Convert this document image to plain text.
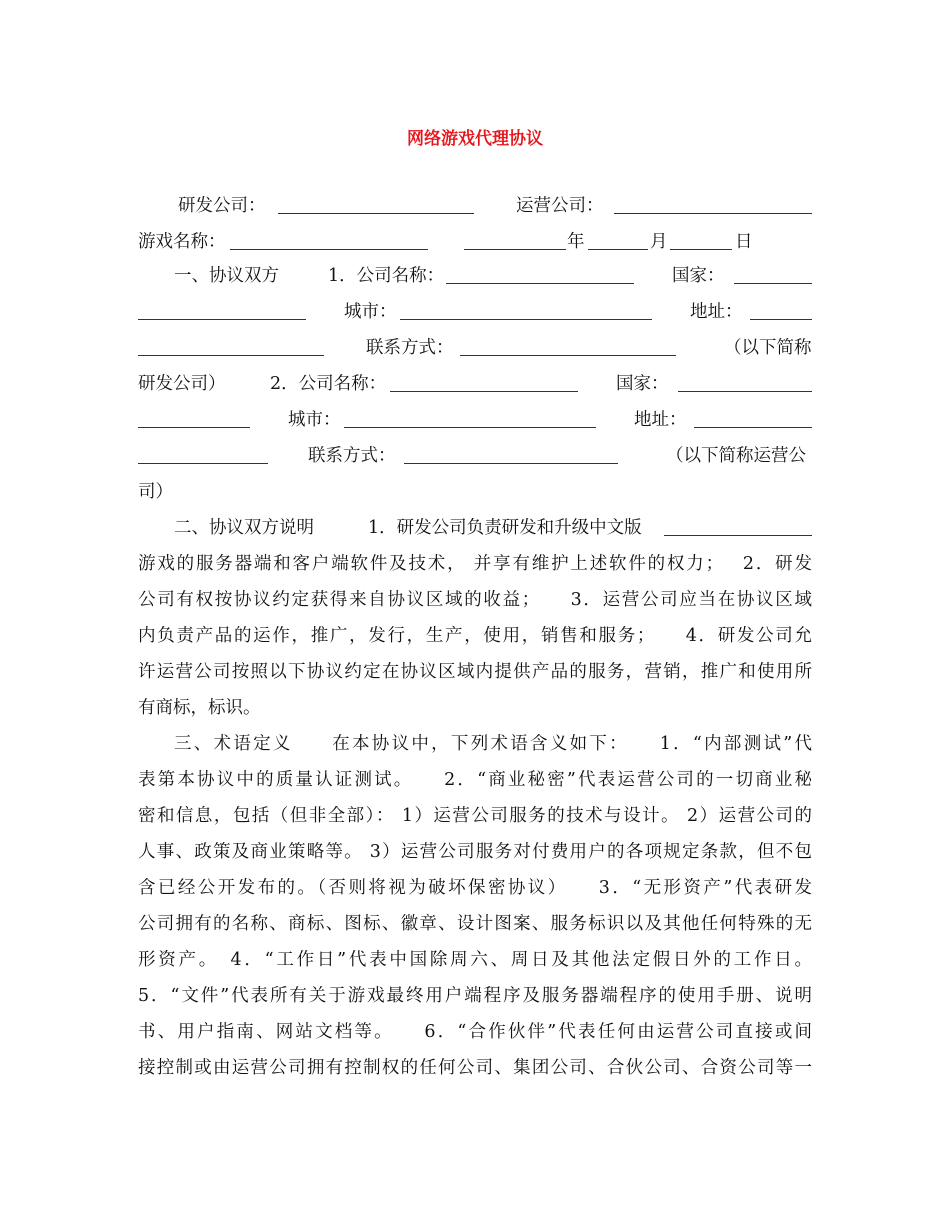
网络游戏代理协议
研发公司：	运营公司：
游戏名称：	年	月	日
一、协议双方	1．公司名称：	国家：
城市：	地址：
联系方式：	（以下简称
研发公司）	2．公司名称：	国家：
城市：	地址：
联系方式：	（以下简称运营公
司）
二、协议双方说明	1．研发公司负责研发和升级中文版
游戏的服务器端和客户端软件及技术， 并享有维护上述软件的权力；　 2．研发
公司有权按协议约定获得来自协议区域的收益；　　3．运营公司应当在协议区域
内负责产品的运作，推广，发行，生产，使用，销售和服务；　　4．研发公司允
许运营公司按照以下协议约定在协议区域内提供产品的服务，营销，推广和使用所
有商标，标识。
三、术语定义　　在本协议中，下列术语含义如下：　　1．“内部测试”代
表第本协议中的质量认证测试。　　2．“商业秘密”代表运营公司的一切商业秘
密和信息，包括（但非全部）： 1）运营公司服务的技术与设计。 2）运营公司的
人事、政策及商业策略等。 3）运营公司服务对付费用户的各项规定条款，但不包
含已经公开发布的。（否则将视为破坏保密协议）　　3．“无形资产”代表研发
公司拥有的名称、商标、图标、徽章、设计图案、服务标识以及其他任何特殊的无
形资产。　4．“工作日”代表中国除周六、周日及其他法定假日外的工作日。
5．“文件”代表所有关于游戏最终用户端程序及服务器端程序的使用手册、说明
书、用户指南、网站文档等。　　6．“合作伙伴”代表任何由运营公司直接或间
接控制或由运营公司拥有控制权的任何公司、集团公司、合伙公司、合资公司等一
